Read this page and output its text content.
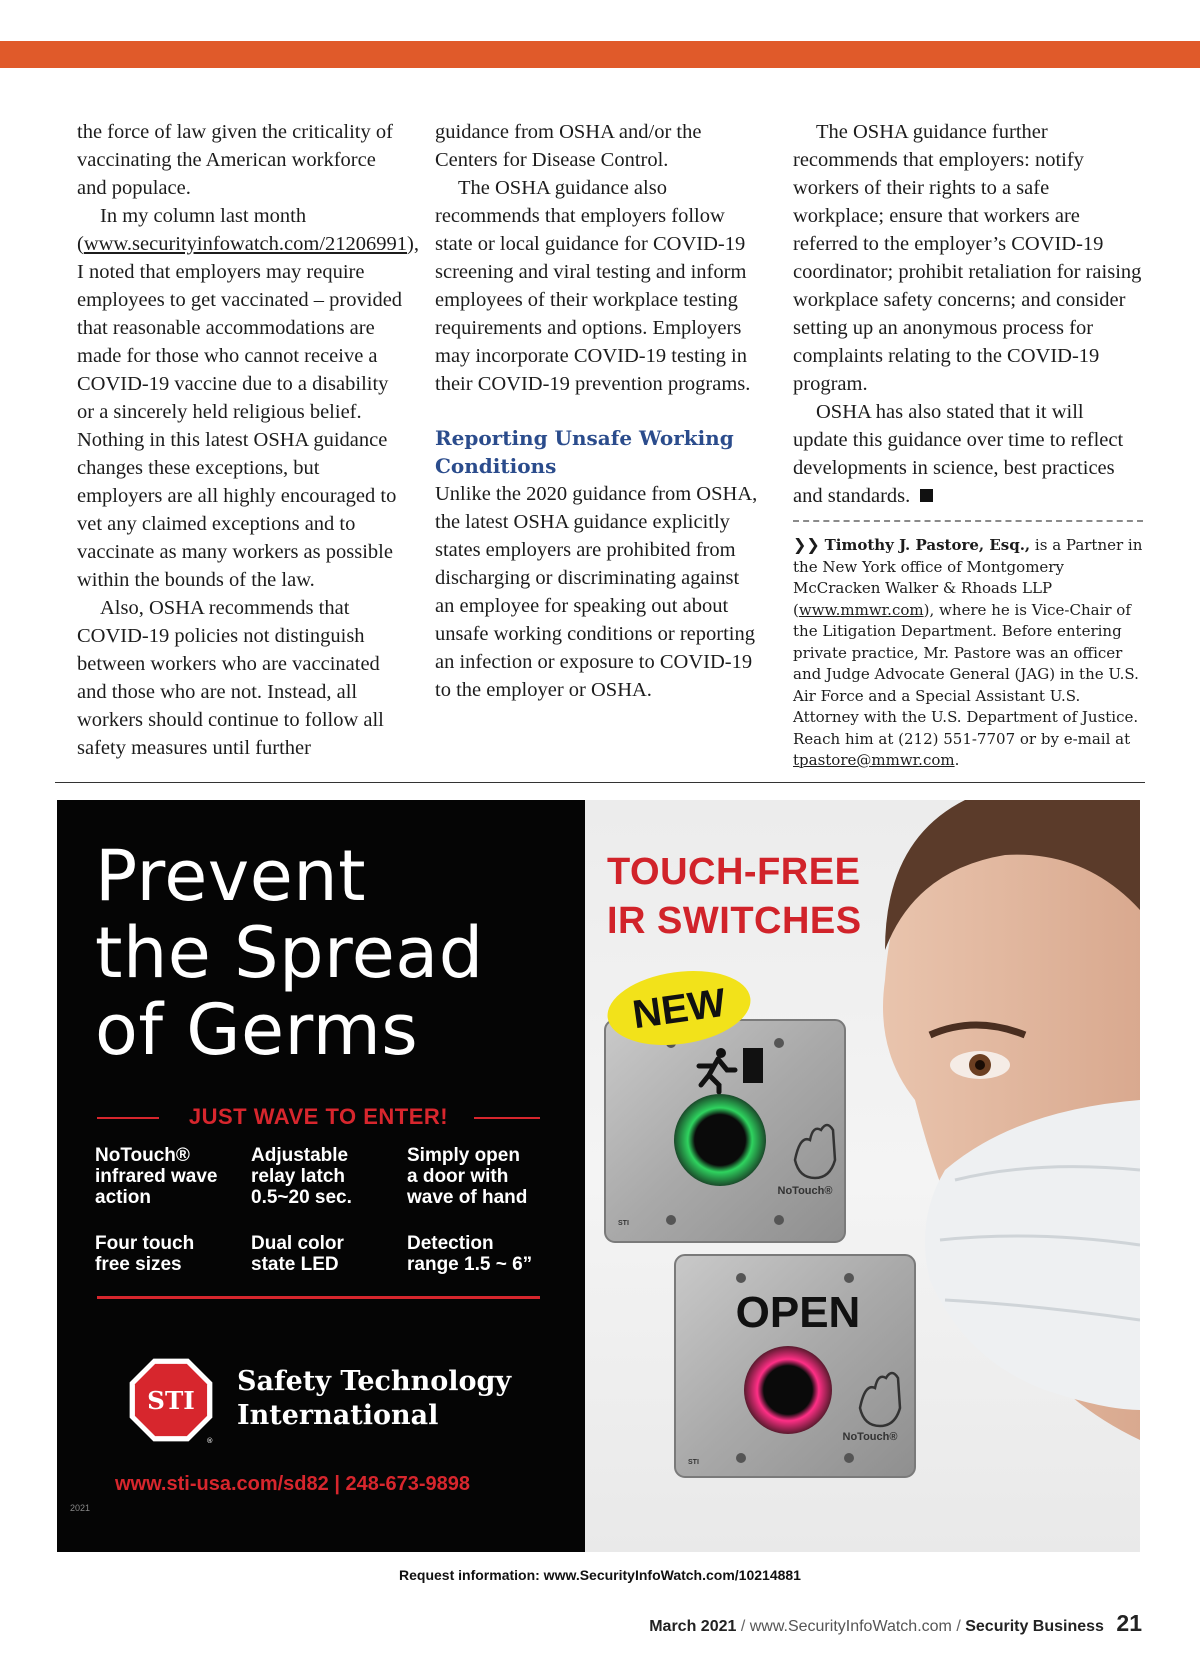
the force of law given the criticality of vaccinating the American workforce and populace.

In my column last month (www.securityinfowatch.com/21206991), I noted that employers may require employees to get vaccinated – provided that reasonable accommodations are made for those who cannot receive a COVID-19 vaccine due to a disability or a sincerely held religious belief. Nothing in this latest OSHA guidance changes these exceptions, but employers are all highly encouraged to vet any claimed exceptions and to vaccinate as many workers as possible within the bounds of the law.

Also, OSHA recommends that COVID-19 policies not distinguish between workers who are vaccinated and those who are not. Instead, all workers should continue to follow all safety measures until further

guidance from OSHA and/or the Centers for Disease Control.

The OSHA guidance also recommends that employers follow state or local guidance for COVID-19 screening and viral testing and inform employees of their workplace testing requirements and options. Employers may incorporate COVID-19 testing in their COVID-19 prevention programs.

Reporting Unsafe Working Conditions

Unlike the 2020 guidance from OSHA, the latest OSHA guidance explicitly states employers are prohibited from discharging or discriminating against an employee for speaking out about unsafe working conditions or reporting an infection or exposure to COVID-19 to the employer or OSHA.

The OSHA guidance further recommends that employers: notify workers of their rights to a safe workplace; ensure that workers are referred to the employer’s COVID-19 coordinator; prohibit retaliation for raising workplace safety concerns; and consider setting up an anonymous process for complaints relating to the COVID-19 program.

OSHA has also stated that it will update this guidance over time to reflect developments in science, best practices and standards.

❯❯ Timothy J. Pastore, Esq., is a Partner in the New York office of Montgomery McCracken Walker & Rhoads LLP (www.mmwr.com), where he is Vice-Chair of the Litigation Department. Before entering private practice, Mr. Pastore was an officer and Judge Advocate General (JAG) in the U.S. Air Force and a Special Assistant U.S. Attorney with the U.S. Department of Justice. Reach him at (212) 551-7707 or by e-mail at tpastore@mmwr.com.

Prevent
the Spread
of Germs
JUST WAVE TO ENTER!
NoTouch®
infrared wave
action
Adjustable
relay latch
0.5~20 sec.
Simply open
a door with
wave of hand
Four touch
free sizes
Dual color
state LED
Detection
range 1.5 ~ 6”
STI
®
Safety Technology
International
www.sti-usa.com/sd82 | 248-673-9898
2021
NoTouch®
STI
OPEN
NoTouch®
STI
TOUCH-FREE
IR SWITCHES
NEW
Request information: www.SecurityInfoWatch.com/10214881
March 2021 / www.SecurityInfoWatch.com / Security Business 21
